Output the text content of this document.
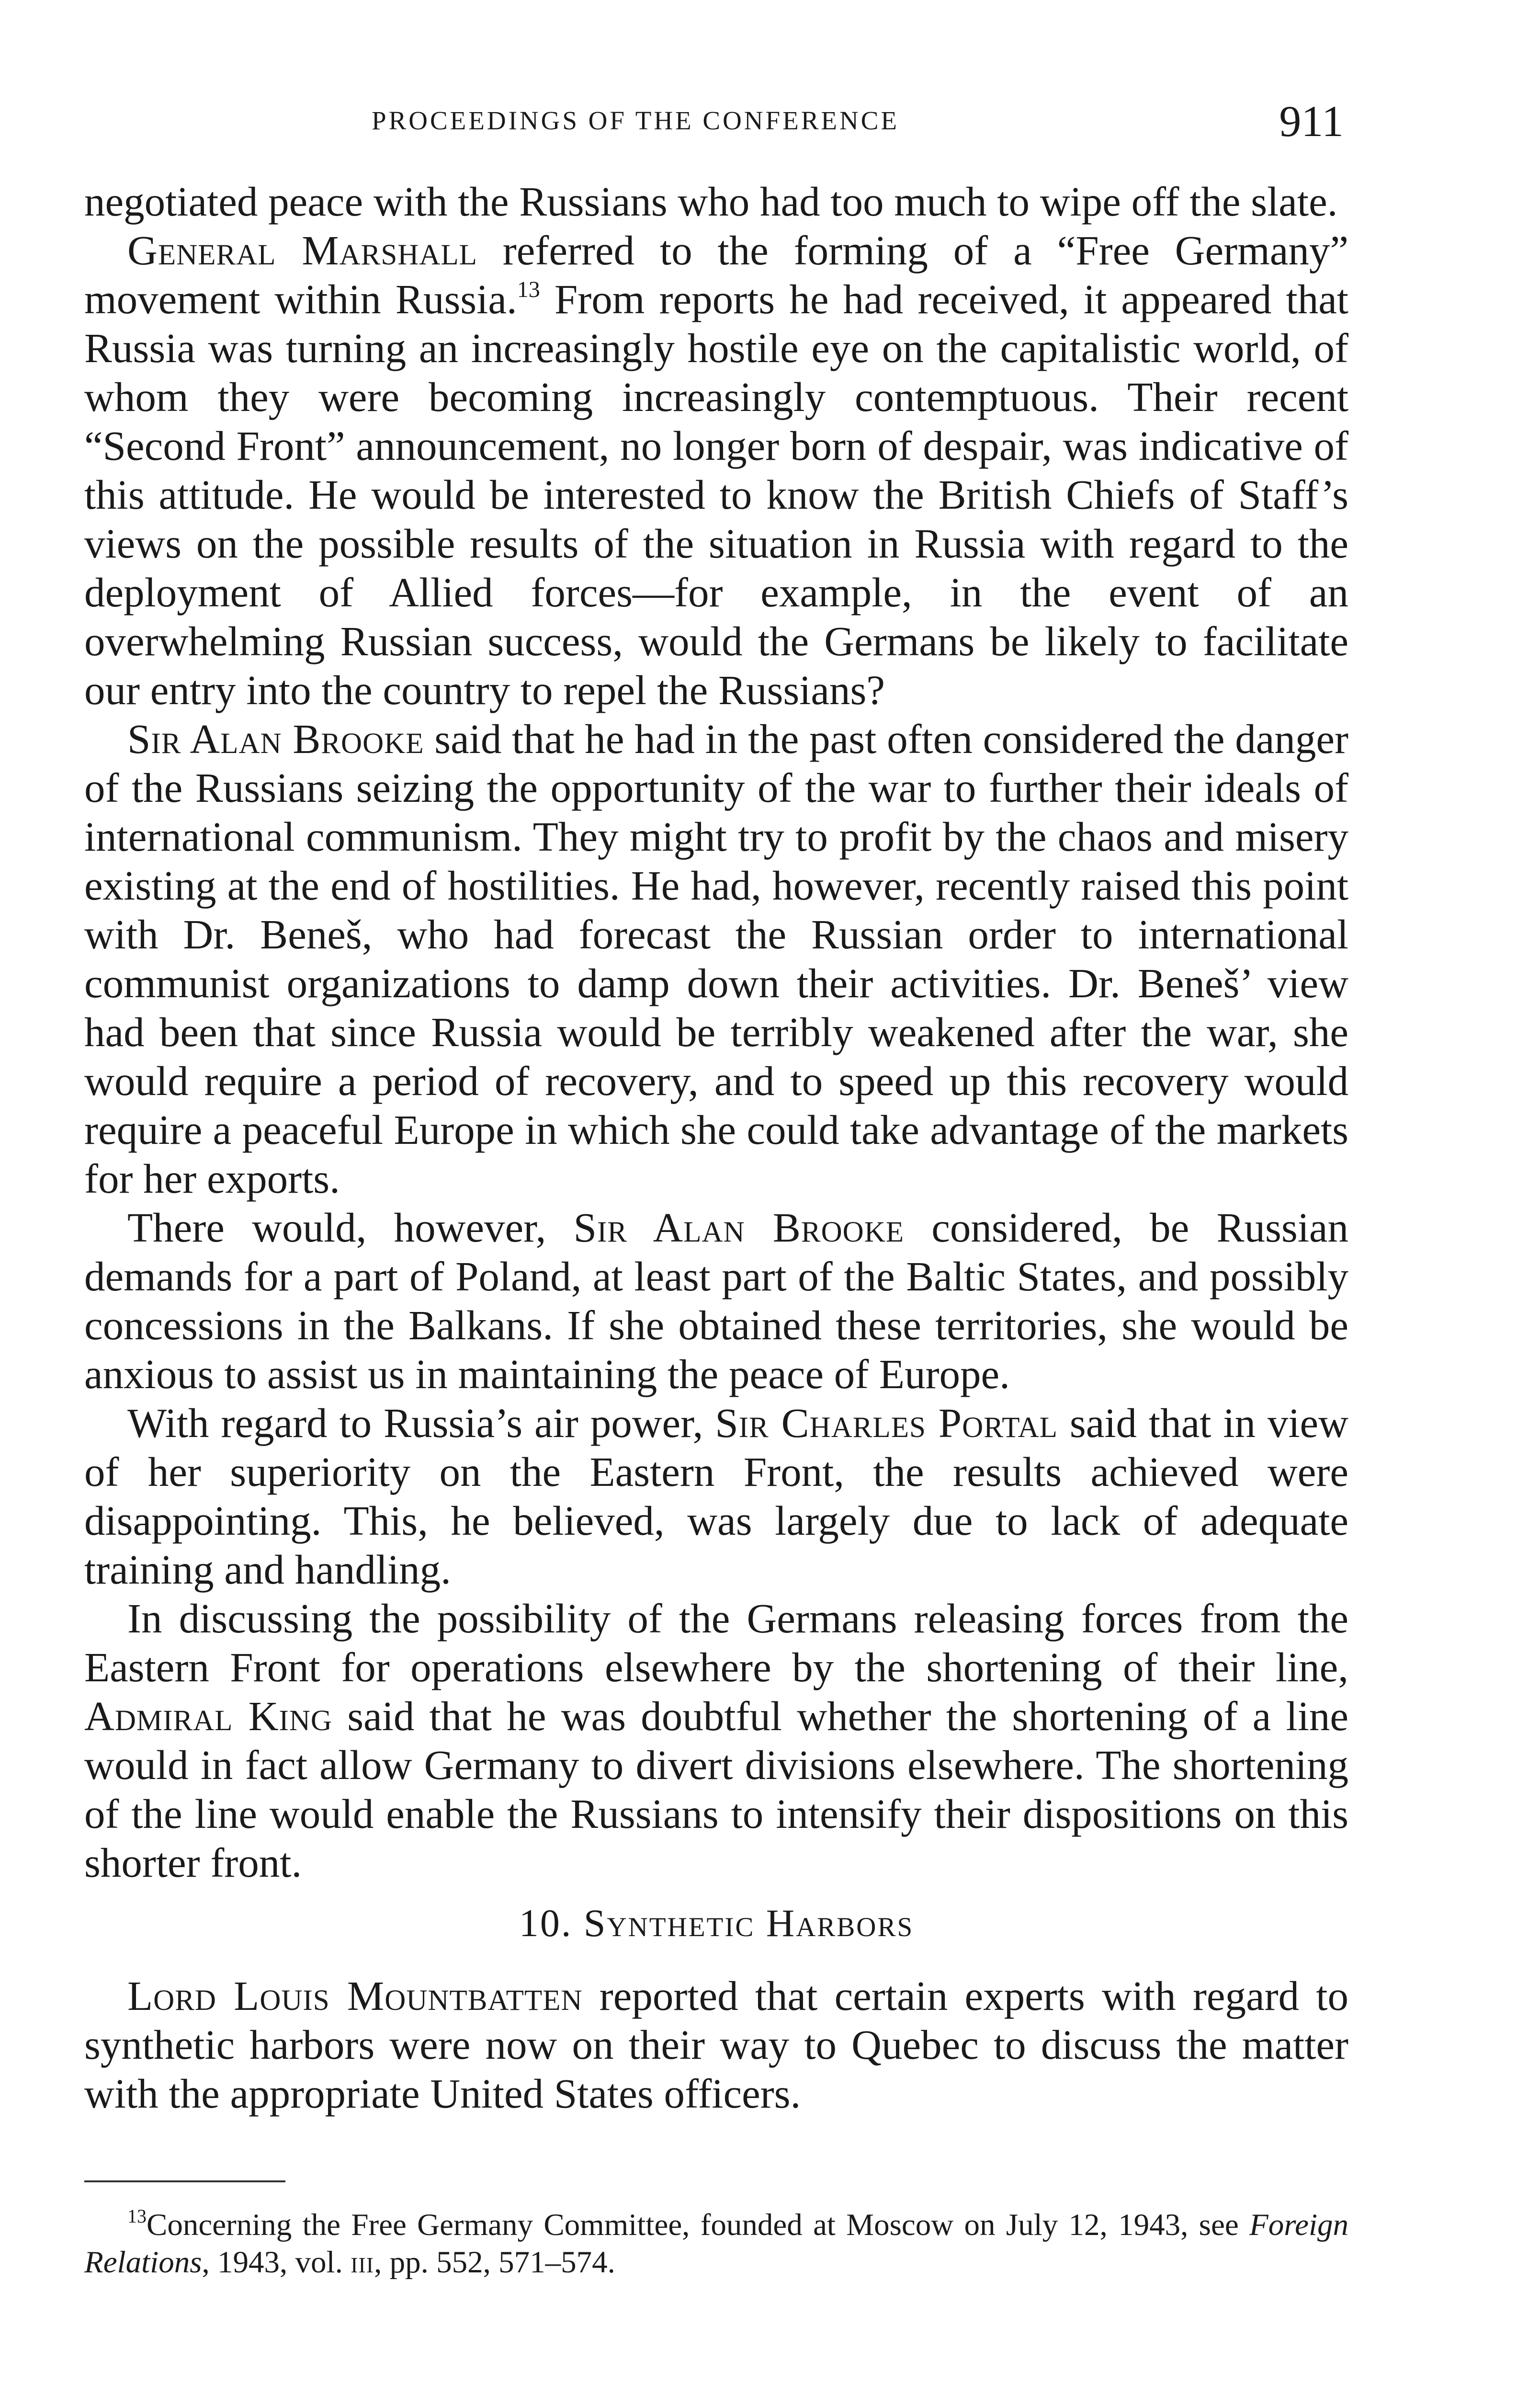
PROCEEDINGS OF THE CONFERENCE	911

negotiated peace with the Russians who had too much to wipe off the slate.

General Marshall referred to the forming of a “Free Germany” movement within Russia.$^{13}$ From reports he had received, it appeared that Russia was turning an increasingly hostile eye on the capitalistic world, of whom they were becoming increasingly contemptuous. Their recent “Second Front” announcement, no longer born of despair, was indicative of this attitude. He would be interested to know the British Chiefs of Staff’s views on the possible results of the situation in Russia with regard to the deployment of Allied forces—for example, in the event of an overwhelming Russian success, would the Germans be likely to facilitate our entry into the country to repel the Russians?

Sir Alan Brooke said that he had in the past often considered the danger of the Russians seizing the opportunity of the war to further their ideals of international communism. They might try to profit by the chaos and misery existing at the end of hostilities. He had, however, recently raised this point with Dr. Beneš, who had forecast the Russian order to international communist organizations to damp down their activities. Dr. Beneš’ view had been that since Russia would be terribly weakened after the war, she would require a period of recovery, and to speed up this recovery would require a peaceful Europe in which she could take advantage of the markets for her exports.

There would, however, Sir Alan Brooke considered, be Russian demands for a part of Poland, at least part of the Baltic States, and possibly concessions in the Balkans. If she obtained these territories, she would be anxious to assist us in maintaining the peace of Europe.

With regard to Russia’s air power, Sir Charles Portal said that in view of her superiority on the Eastern Front, the results achieved were disappointing. This, he believed, was largely due to lack of adequate training and handling.

In discussing the possibility of the Germans releasing forces from the Eastern Front for operations elsewhere by the shortening of their line, Admiral King said that he was doubtful whether the shortening of a line would in fact allow Germany to divert divisions elsewhere. The shortening of the line would enable the Russians to intensify their dispositions on this shorter front.

10. Synthetic Harbors

Lord Louis Mountbatten reported that certain experts with regard to synthetic harbors were now on their way to Quebec to discuss the matter with the appropriate United States officers.

$^{13}$Concerning the Free Germany Committee, founded at Moscow on July 12, 1943, see Foreign Relations, 1943, vol. iii, pp. 552, 571–574.
